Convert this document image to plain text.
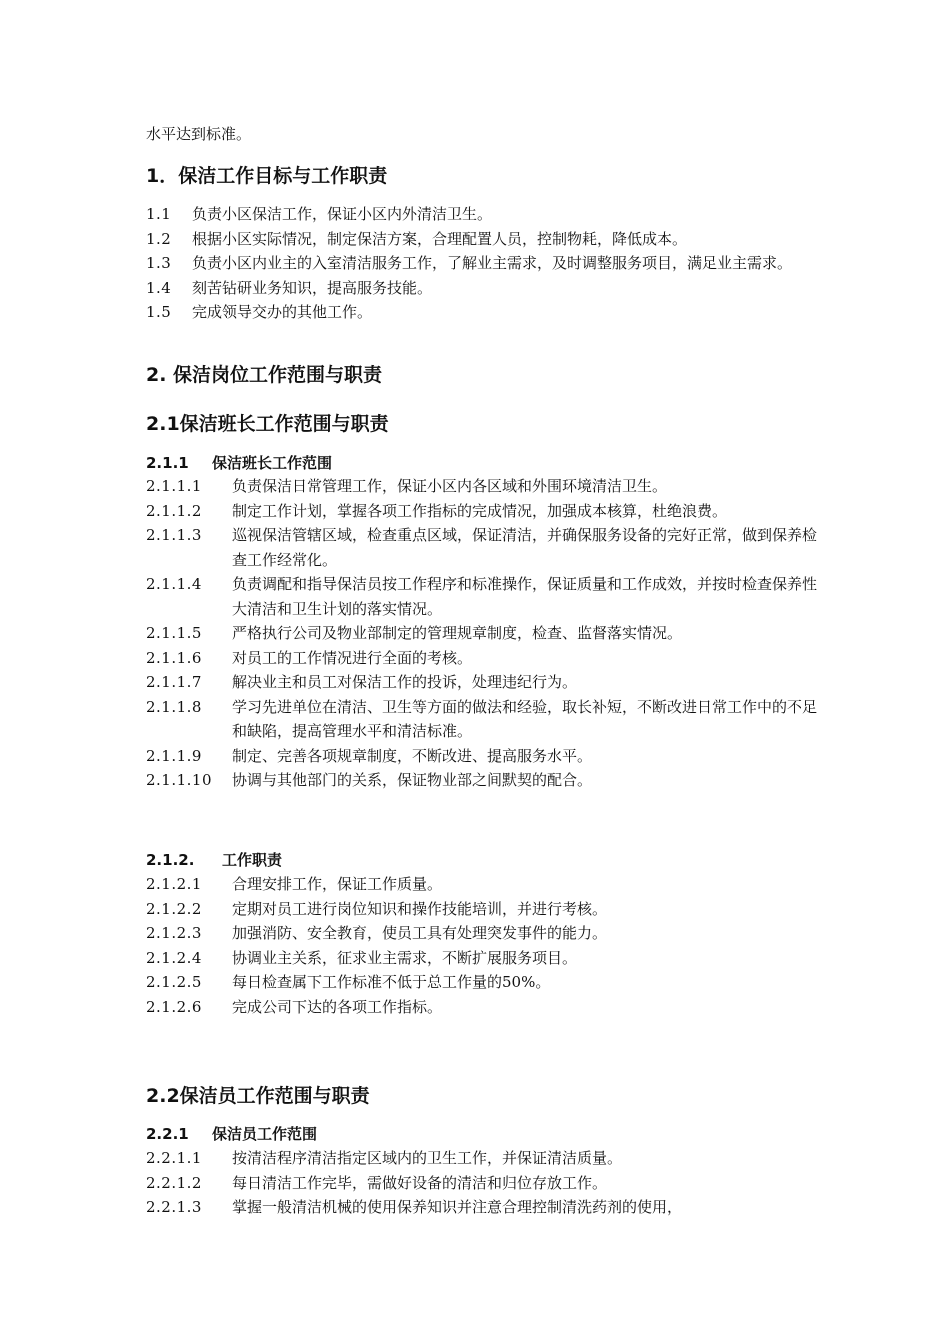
水平达到标准。
1．保洁工作目标与工作职责
1.1	负责小区保洁工作，保证小区内外清洁卫生。
1.2	根据小区实际情况，制定保洁方案，合理配置人员，控制物耗，降低成本。
1.3	负责小区内业主的入室清洁服务工作，了解业主需求，及时调整服务项目，满足业主需求。
1.4	刻苦钻研业务知识，提高服务技能。
1.5	完成领导交办的其他工作。
2. 保洁岗位工作范围与职责
2.1保洁班长工作范围与职责
2.1.1 保洁班长工作范围
2.1.1.1	负责保洁日常管理工作，保证小区内各区域和外围环境清洁卫生。
2.1.1.2	制定工作计划，掌握各项工作指标的完成情况，加强成本核算，杜绝浪费。
2.1.1.3	巡视保洁管辖区域，检查重点区域，保证清洁，并确保服务设备的完好正常，做到保养检查工作经常化。
2.1.1.4	负责调配和指导保洁员按工作程序和标准操作，保证质量和工作成效，并按时检查保养性大清洁和卫生计划的落实情况。
2.1.1.5	严格执行公司及物业部制定的管理规章制度，检查、监督落实情况。
2.1.1.6	对员工的工作情况进行全面的考核。
2.1.1.7	解决业主和员工对保洁工作的投诉，处理违纪行为。
2.1.1.8	学习先进单位在清洁、卫生等方面的做法和经验，取长补短，不断改进日常工作中的不足和缺陷，提高管理水平和清洁标准。
2.1.1.9	制定、完善各项规章制度，不断改进、提高服务水平。
2.1.1.10	协调与其他部门的关系，保证物业部之间默契的配合。
2.1.2. 工作职责
2.1.2.1	合理安排工作，保证工作质量。
2.1.2.2	定期对员工进行岗位知识和操作技能培训，并进行考核。
2.1.2.3	加强消防、安全教育，使员工具有处理突发事件的能力。
2.1.2.4	协调业主关系，征求业主需求，不断扩展服务项目。
2.1.2.5	每日检查属下工作标准不低于总工作量的50%。
2.1.2.6	完成公司下达的各项工作指标。
2.2保洁员工作范围与职责
2.2.1 保洁员工作范围
2.2.1.1	按清洁程序清洁指定区域内的卫生工作，并保证清洁质量。
2.2.1.2	每日清洁工作完毕，需做好设备的清洁和归位存放工作。
2.2.1.3	掌握一般清洁机械的使用保养知识并注意合理控制清洗药剂的使用，
